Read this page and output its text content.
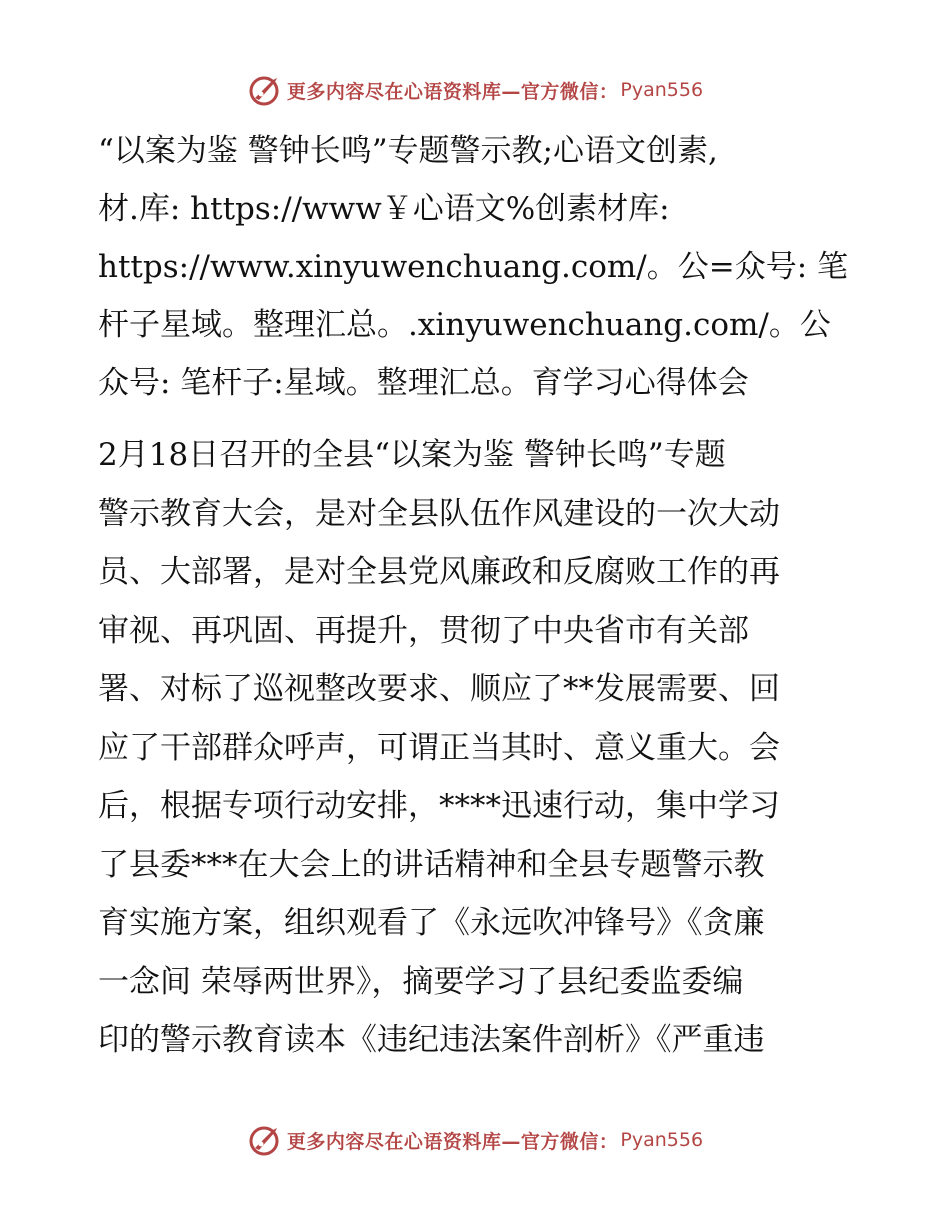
更多内容尽在心语资料库—官方微信： Pyan556
“以案为鉴 警钟长鸣”专题警示教;心语文创素,
材.库: https://www￥心语文%创素材库:
https://www.xinyuwenchuang.com/。公=众号: 笔
杆子星域。整理汇总。.xinyuwenchuang.com/。公
众号: 笔杆子:星域。整理汇总。育学习心得体会
2月18日召开的全县“以案为鉴 警钟长鸣”专题
警示教育大会，是对全县队伍作风建设的一次大动
员、大部署，是对全县党风廉政和反腐败工作的再
审视、再巩固、再提升，贯彻了中央省市有关部
署、对标了巡视整改要求、顺应了**发展需要、回
应了干部群众呼声，可谓正当其时、意义重大。会
后，根据专项行动安排，****迅速行动，集中学习
了县委***在大会上的讲话精神和全县专题警示教
育实施方案，组织观看了《永远吹冲锋号》《贪廉
一念间 荣辱两世界》，摘要学习了县纪委监委编
印的警示教育读本《违纪违法案件剖析》《严重违
更多内容尽在心语资料库—官方微信： Pyan556
